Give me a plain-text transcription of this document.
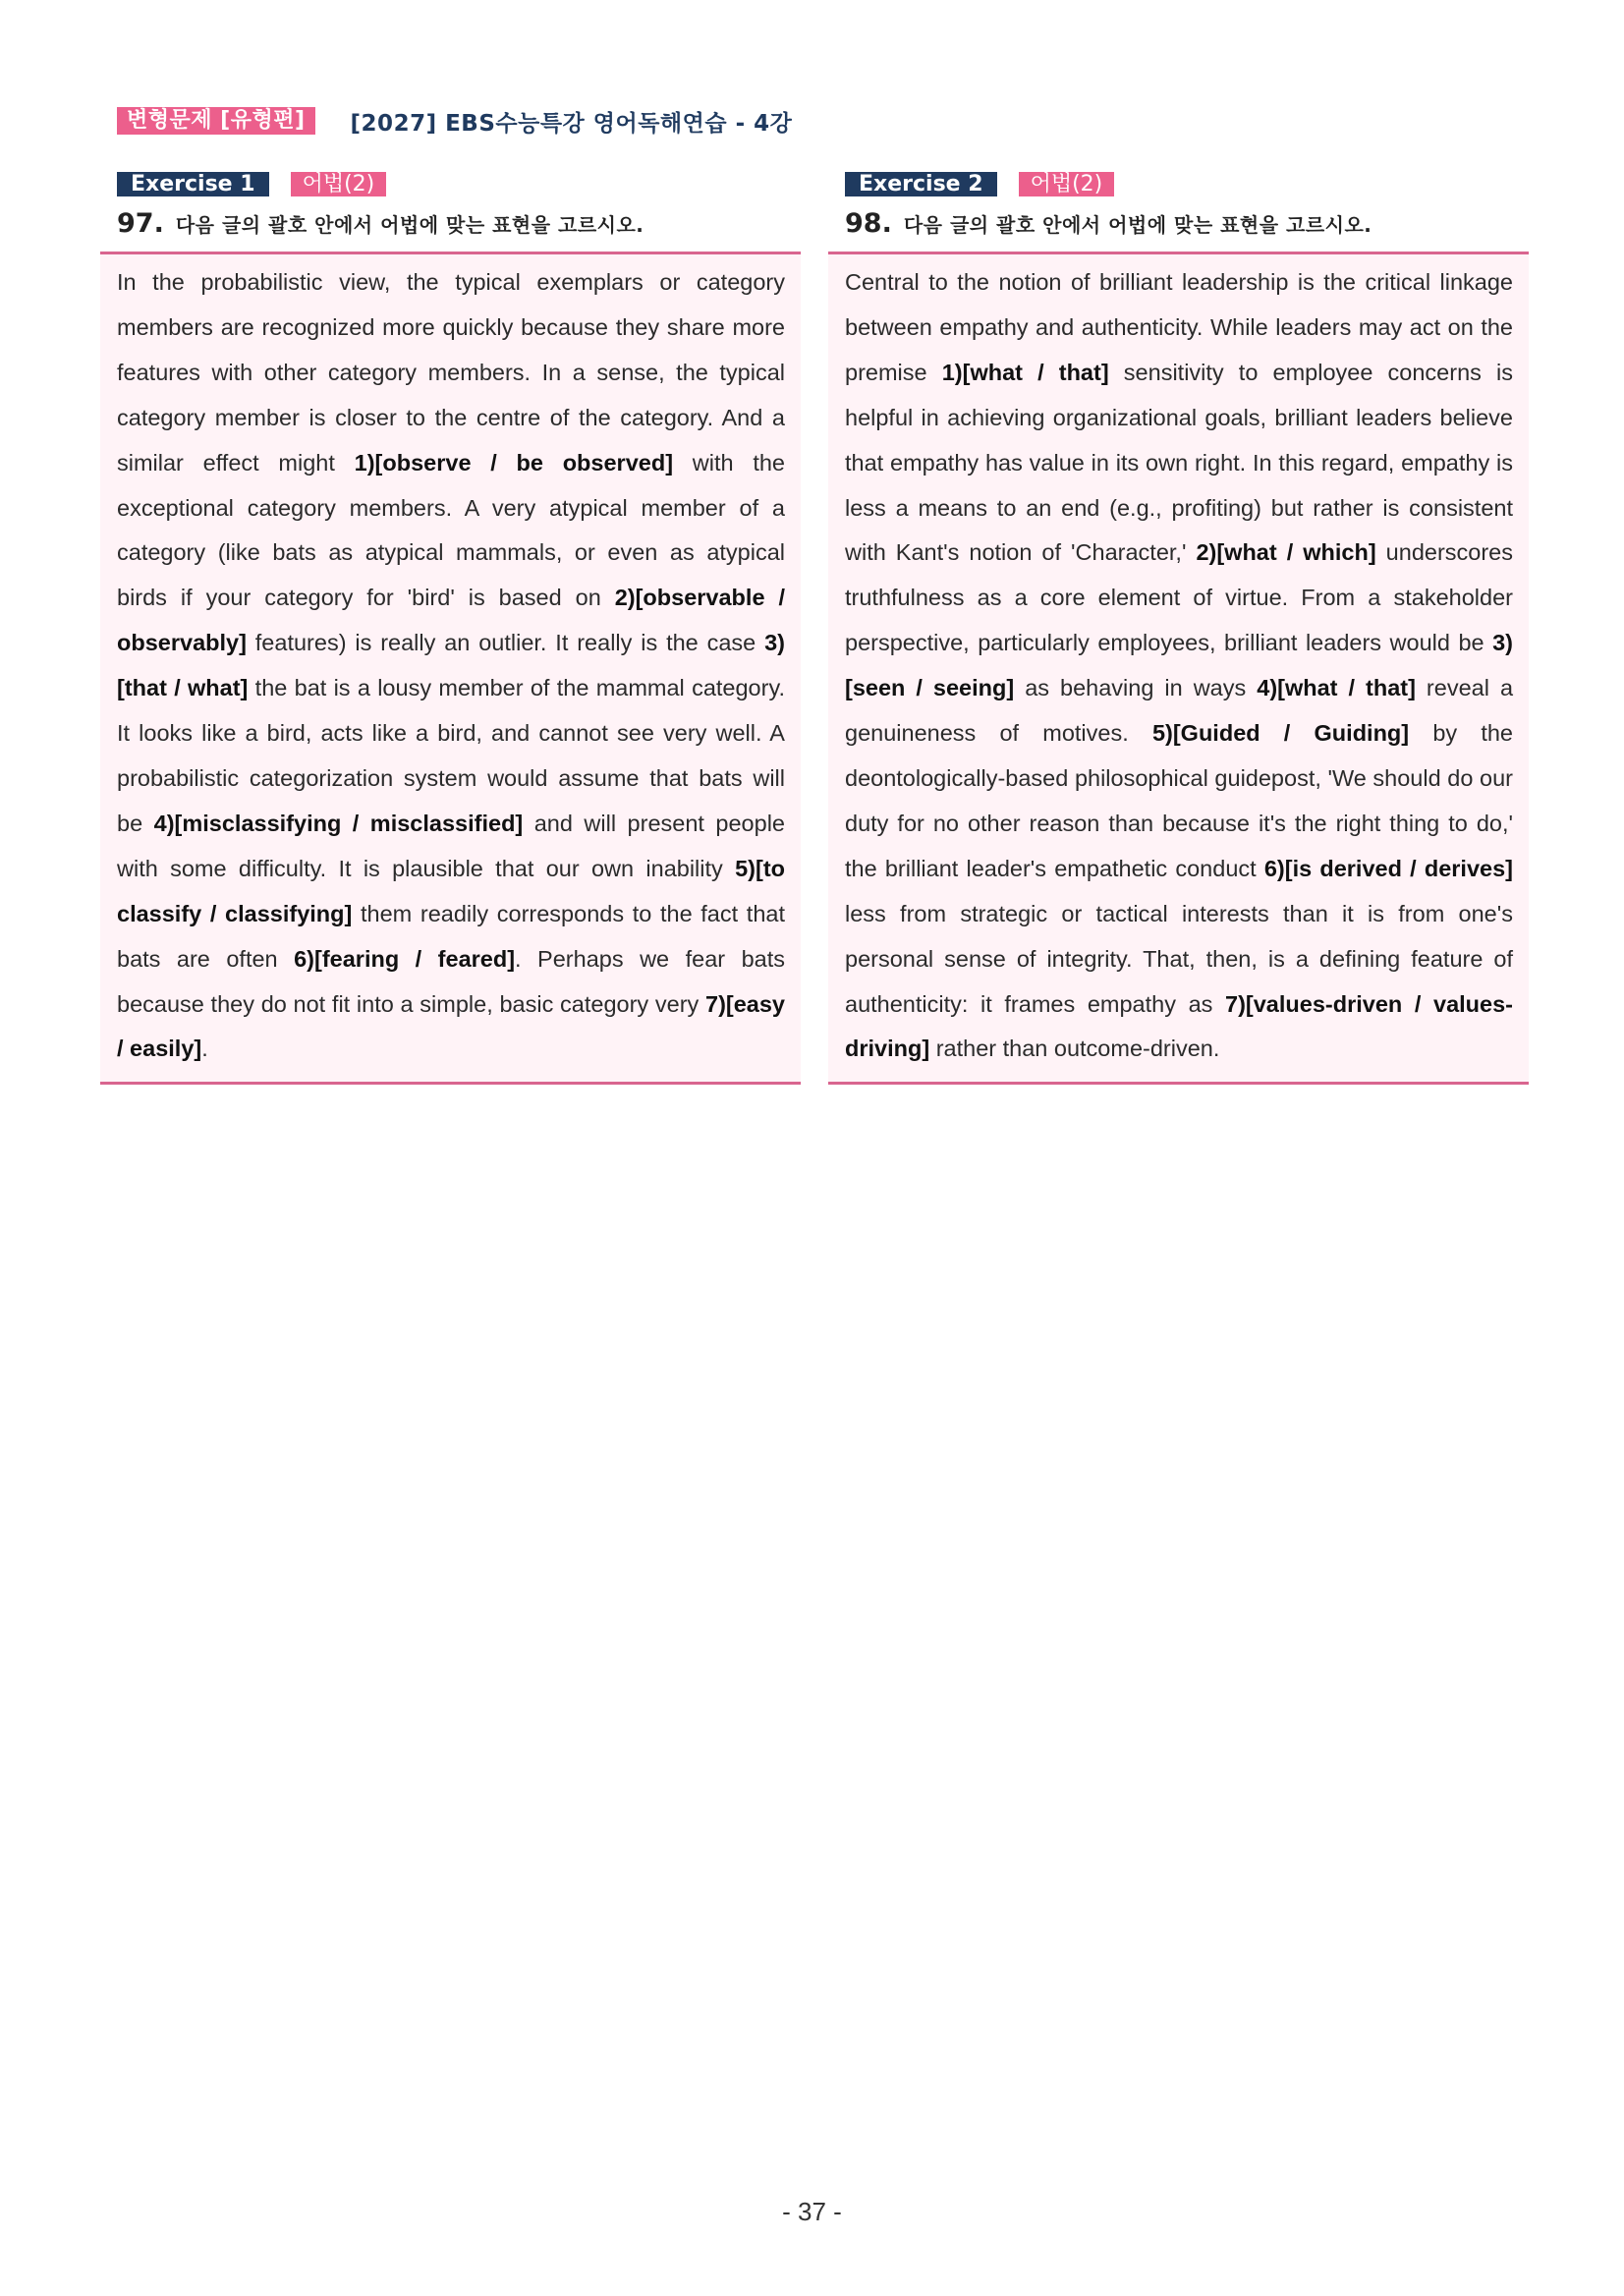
변형문제 [유형편]	[2027] EBS수능특강 영어독해연습 - 4강
Exercise 1	어법(2)
97. 다음 글의 괄호 안에서 어법에 맞는 표현을 고르시오.

In the probabilistic view, the typical exemplars or category members are recognized more quickly because they share more features with other category members. In a sense, the typical category member is closer to the centre of the category. And a similar effect might 1)[observe / be observed] with the exceptional category members. A very atypical member of a category (like bats as atypical mammals, or even as atypical birds if your category for 'bird' is based on 2)[observable / observably] features) is really an outlier. It really is the case 3)[that / what] the bat is a lousy member of the mammal category. It looks like a bird, acts like a bird, and cannot see very well. A probabilistic categorization system would assume that bats will be 4)[misclassifying / misclassified] and will present people with some difficulty. It is plausible that our own inability 5)[to classify / classifying] them readily corresponds to the fact that bats are often 6)[fearing / feared]. Perhaps we fear bats because they do not fit into a simple, basic category very 7)[easy / easily].

Exercise 2	어법(2)
98. 다음 글의 괄호 안에서 어법에 맞는 표현을 고르시오.

Central to the notion of brilliant leadership is the critical linkage between empathy and authenticity. While leaders may act on the premise 1)[what / that] sensitivity to employee concerns is helpful in achieving organizational goals, brilliant leaders believe that empathy has value in its own right. In this regard, empathy is less a means to an end (e.g., profiting) but rather is consistent with Kant's notion of 'Character,' 2)[what / which] underscores truthfulness as a core element of virtue. From a stakeholder perspective, particularly employees, brilliant leaders would be 3)[seen / seeing] as behaving in ways 4)[what / that] reveal a genuineness of motives. 5)[Guided / Guiding] by the deontologically-based philosophical guidepost, 'We should do our duty for no other reason than because it's the right thing to do,' the brilliant leader's empathetic conduct 6)[is derived / derives] less from strategic or tactical interests than it is from one's personal sense of integrity. That, then, is a defining feature of authenticity: it frames empathy as 7)[values-driven / values-driving] rather than outcome-driven.

- 37 -
